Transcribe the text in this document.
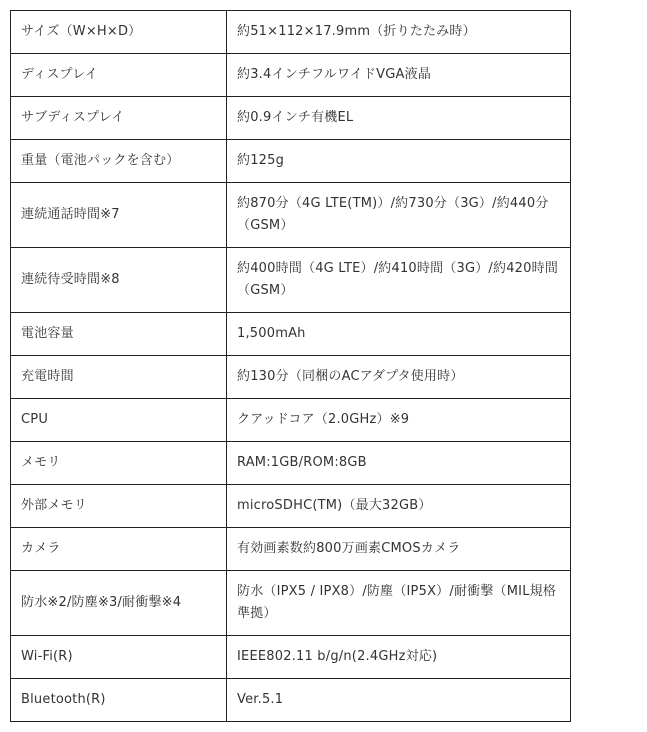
サイズ（W×H×D）	約51×112×17.9mm（折りたたみ時）
ディスプレイ	約3.4インチフルワイドVGA液晶
サブディスプレイ	約0.9インチ有機EL
重量（電池パックを含む）	約125g
連続通話時間※7	約870分（4G LTE(TM)）/約730分（3G）/約440分（GSM）
連続待受時間※8	約400時間（4G LTE）/約410時間（3G）/約420時間（GSM）
電池容量	1,500mAh
充電時間	約130分（同梱のACアダプタ使用時）
CPU	クアッドコア（2.0GHz）※9
メモリ	RAM:1GB/ROM:8GB
外部メモリ	microSDHC(TM)（最大32GB）
カメラ	有効画素数約800万画素CMOSカメラ
防水※2/防塵※3/耐衝撃※4	防水（IPX5 / IPX8）/防塵（IP5X）/耐衝撃（MIL規格準拠）
Wi-Fi(R)	IEEE802.11 b/g/n(2.4GHz対応)
Bluetooth(R)	Ver.5.1
